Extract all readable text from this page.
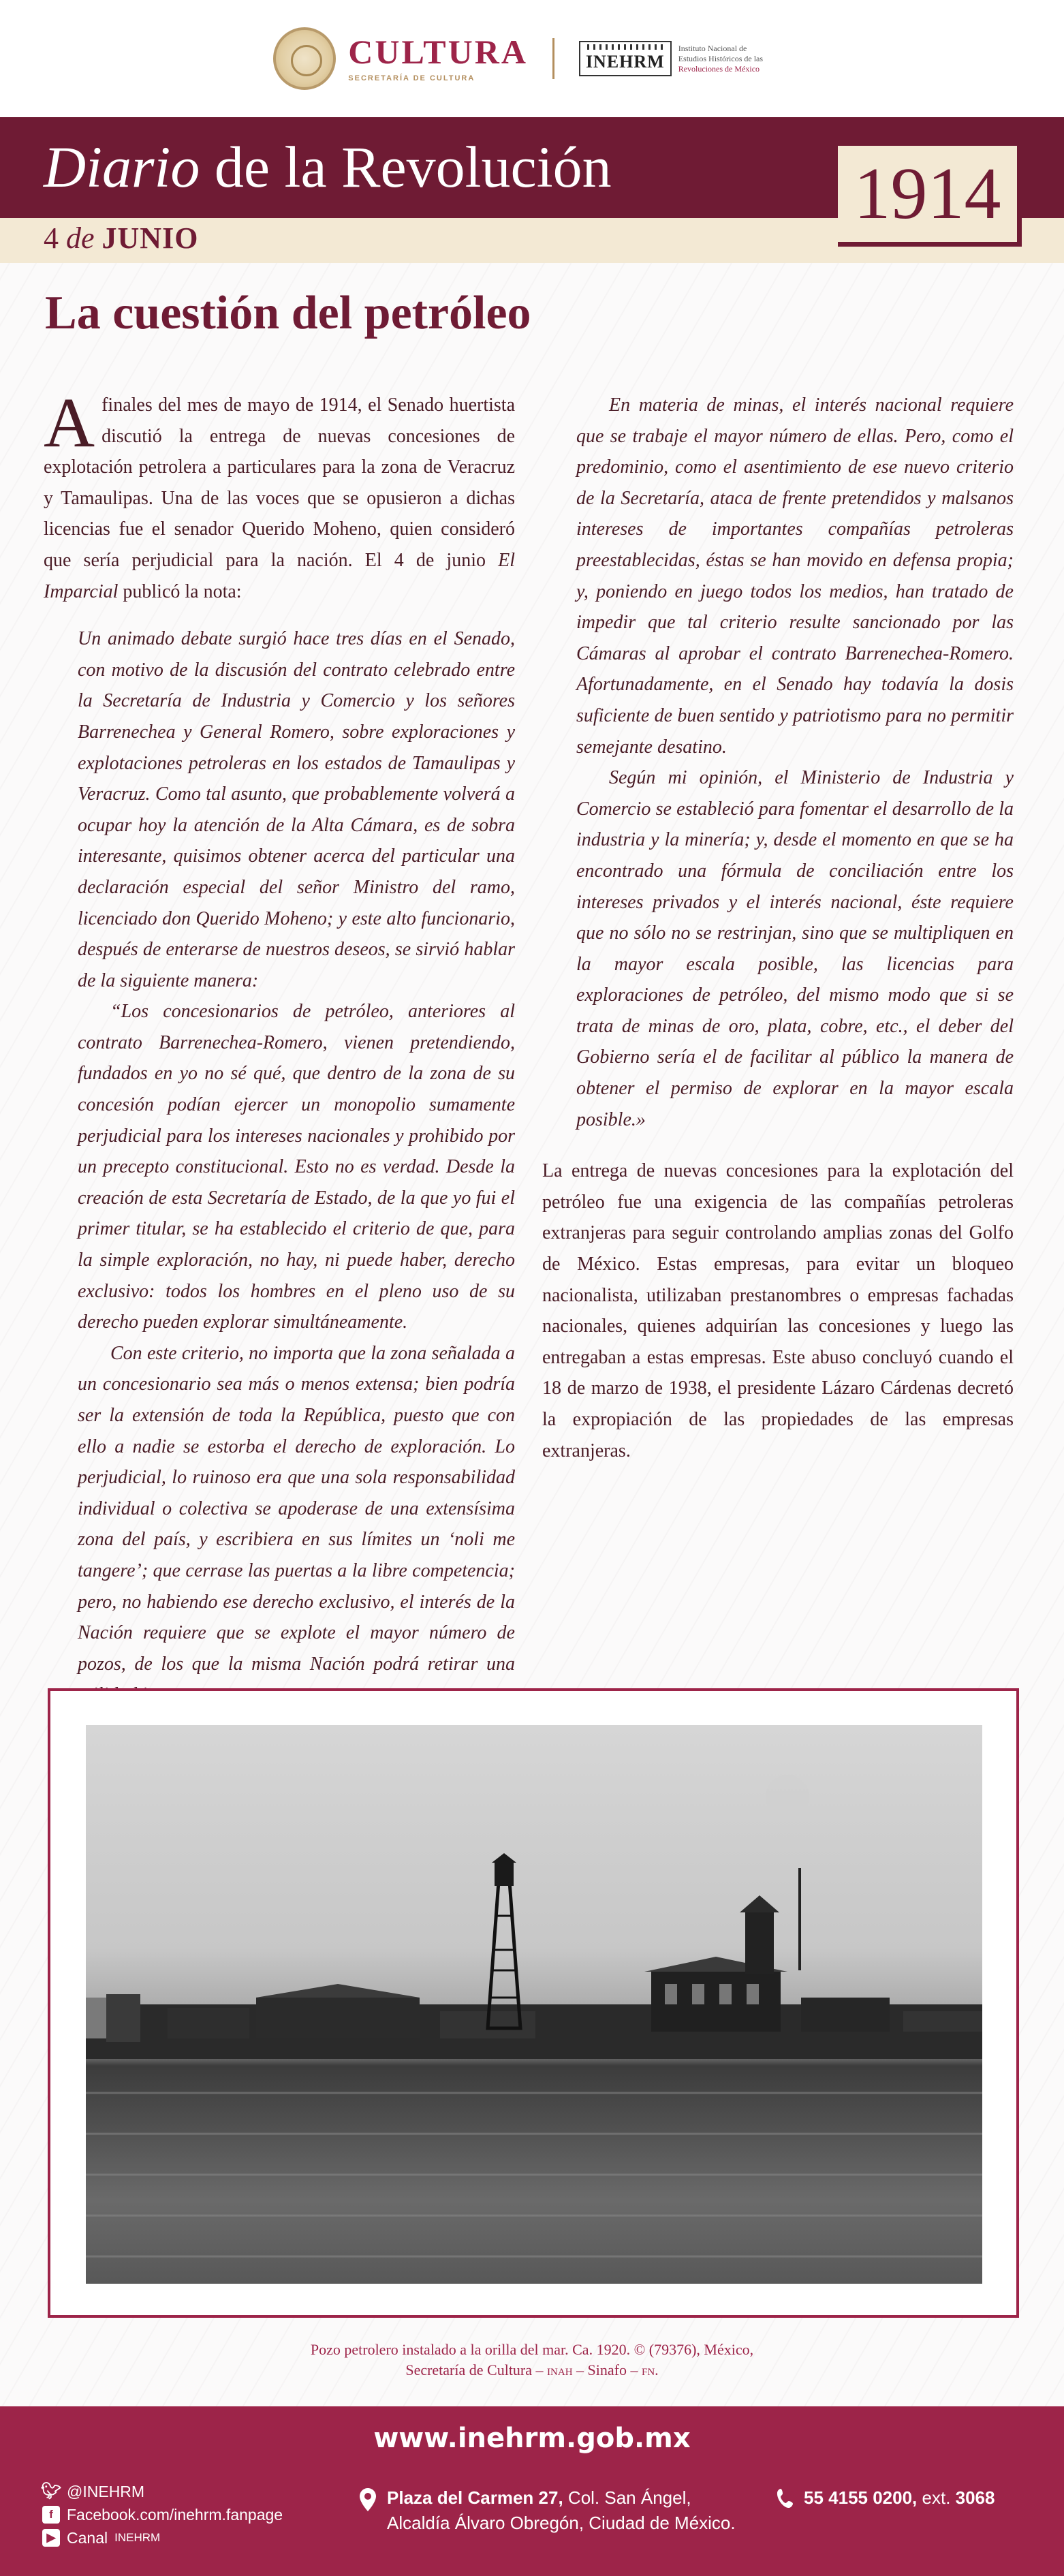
CULTURA
SECRETARÍA DE CULTURA
INEHRM
Instituto Nacional de
Estudios Históricos de las
Revoluciones de México
Diario de la Revolución
4 de JUNIO
1914
La cuestión del petróleo

A finales del mes de mayo de 1914, el Senado huertista discutió la entrega de nuevas concesiones de explotación petrolera a particulares para la zona de Veracruz y Tamaulipas. Una de las voces que se opusieron a dichas licencias fue el senador Querido Moheno, quien consideró que sería perjudicial para la nación. El 4 de junio El Imparcial publicó la nota:

Un animado debate surgió hace tres días en el Senado, con motivo de la discusión del contrato celebrado entre la Secretaría de Industria y Comercio y los señores Barrenechea y General Romero, sobre exploraciones y explotaciones petroleras en los estados de Tamaulipas y Veracruz. Como tal asunto, que probablemente volverá a ocupar hoy la atención de la Alta Cámara, es de sobra interesante, quisimos obtener acerca del particular una declaración especial del señor Ministro del ramo, licenciado don Querido Moheno; y este alto funcionario, después de enterarse de nuestros deseos, se sirvió hablar de la siguiente manera:

“Los concesionarios de petróleo, anteriores al contrato Barrenechea-Romero, vienen pretendiendo, fundados en yo no sé qué, que dentro de la zona de su concesión podían ejercer un monopolio sumamente perjudicial para los intereses nacionales y prohibido por un precepto constitucional. Esto no es verdad. Desde la creación de esta Secretaría de Estado, de la que yo fui el primer titular, se ha establecido el criterio de que, para la simple exploración, no hay, ni puede haber, derecho exclusivo: todos los hombres en el pleno uso de su derecho pueden explorar simultáneamente.

Con este criterio, no importa que la zona señalada a un concesionario sea más o menos extensa; bien podría ser la extensión de toda la República, puesto que con ello a nadie se estorba el derecho de exploración. Lo perjudicial, lo ruinoso era que una sola responsabilidad individual o colectiva se apoderase de una extensísima zona del país, y escribiera en sus límites un ‘noli me tangere’; que cerrase las puertas a la libre competencia; pero, no habiendo ese derecho exclusivo, el interés de la Nación requiere que se explote el mayor número de pozos, de los que la misma Nación podrá retirar una

En materia de minas, el interés nacional requiere que se trabaje el mayor número de ellas. Pero, como el predominio, como el asentimiento de ese nuevo criterio de la Secretaría, ataca de frente pretendidos y malsanos intereses de importantes compañías petroleras preestablecidas, éstas se han movido en defensa propia; y, poniendo en juego todos los medios, han tratado de impedir que tal criterio resulte sancionado por las Cámaras al aprobar el contrato Barrenechea-Romero. Afortunadamente, en el Senado hay todavía la dosis suficiente de buen sentido y patriotismo para no permitir semejante desatino.

Según mi opinión, el Ministerio de Industria y Comercio se estableció para fomentar el desarrollo de la industria y la minería; y, desde el momento en que se ha encontrado una fórmula de conciliación entre los intereses privados y el interés nacional, éste requiere que no sólo no se restrinjan, sino que se multipliquen en la mayor escala posible, las licencias para exploraciones de petróleo, del mismo modo que si se trata de minas de oro, plata, cobre, etc., el deber del Gobierno sería el de facilitar al público la manera de obtener el permiso de explorar en la mayor escala posible.»

La entrega de nuevas concesiones para la explotación del petróleo fue una exigencia de las compañías petroleras extranjeras para seguir controlando amplias zonas del Golfo de México. Estas empresas, para evitar un bloqueo nacionalista, utilizaban prestanombres o empresas fachadas nacionales, quienes adquirían las concesiones y luego las entregaban a estas empresas. Este abuso concluyó cuando el 18 de marzo de 1938, el presidente Lázaro Cárdenas decretó la expropiación de las propiedades de las empresas extranjeras.

Pozo petrolero instalado a la orilla del mar. Ca. 1920. © (79376), México,
Secretaría de Cultura – inah – Sinafo – fn.
www.inehrm.gob.mx
🐦︎ @INEHRM
f Facebook.com/inehrm.fanpage
▶ Canal INEHRM
Plaza del Carmen 27, Col. San Ángel,
Alcaldía Álvaro Obregón, Ciudad de México.
55 4155 0200, ext. 3068
